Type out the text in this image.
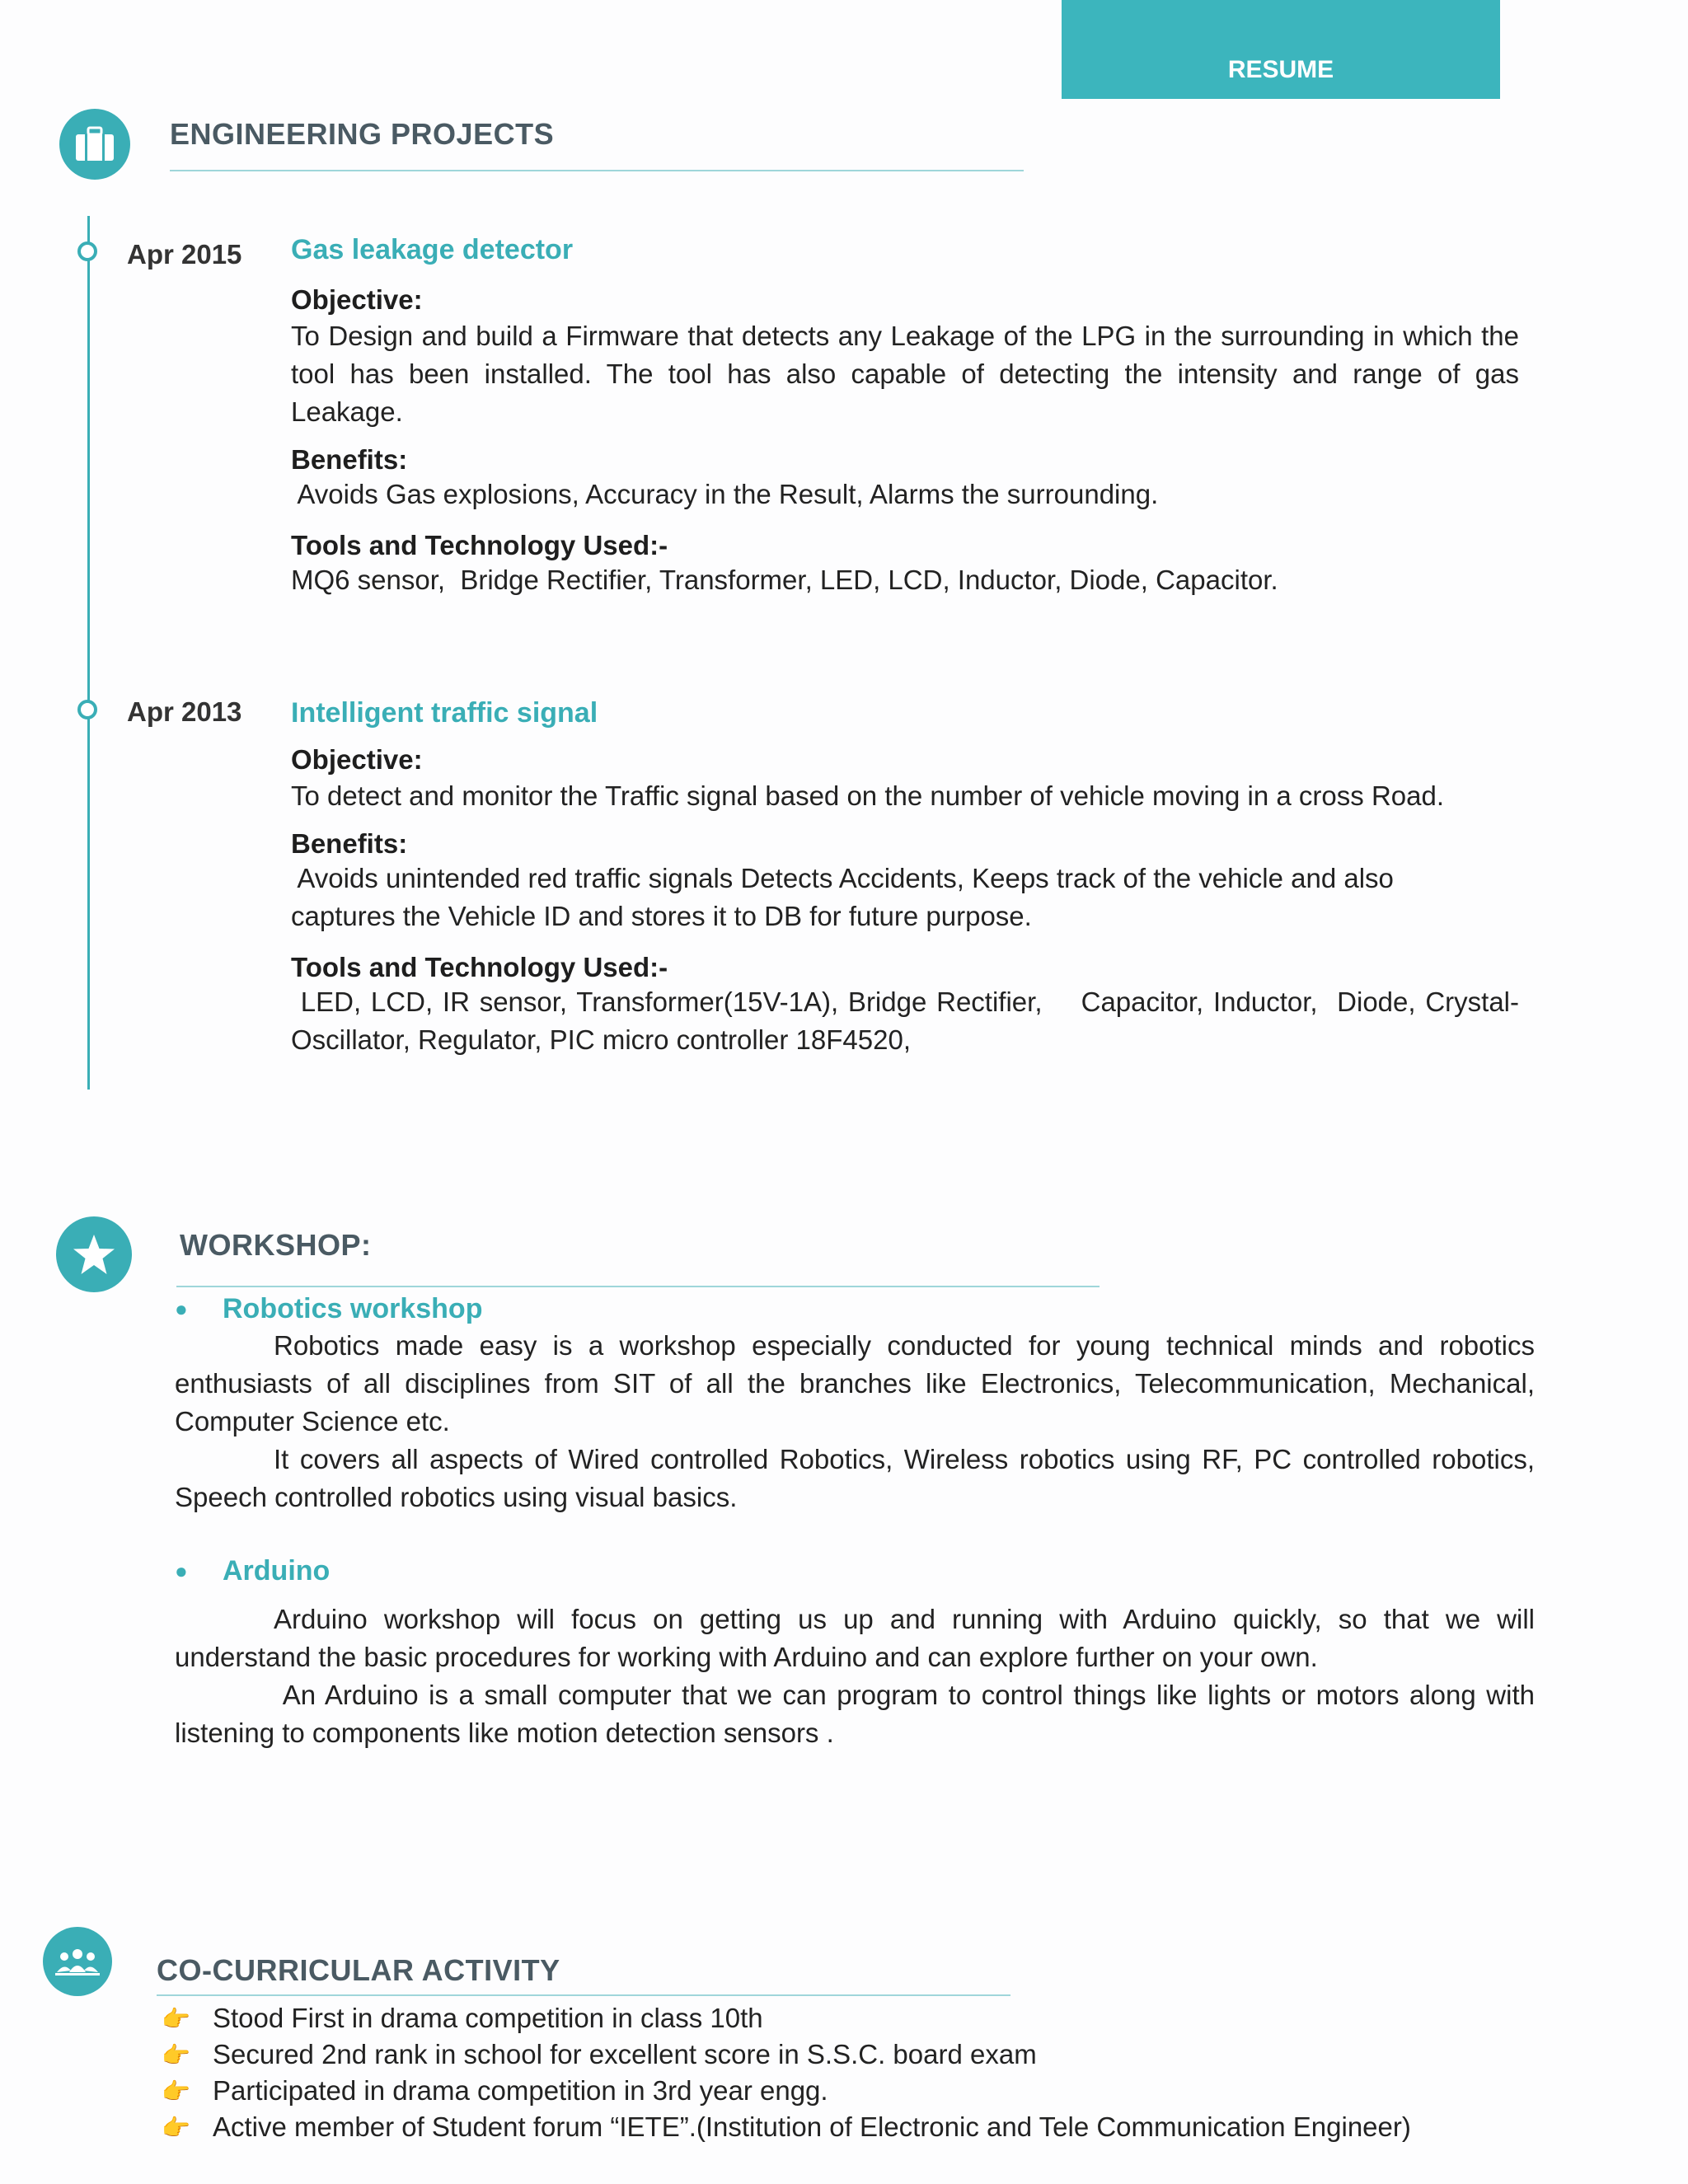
RESUME
ENGINEERING PROJECTS
Apr 2015 Gas leakage detector
Objective:
To Design and build a Firmware that detects any Leakage of the LPG in the surrounding in which the
tool has been installed. The tool has also capable of detecting the intensity and range of gas
Leakage.
Benefits:
Avoids Gas explosions, Accuracy in the Result, Alarms the surrounding.
Tools and Technology Used:-
MQ6 sensor,  Bridge Rectifier, Transformer, LED, LCD, Inductor, Diode, Capacitor.
Apr 2013 Intelligent traffic signal
Objective:
To detect and monitor the Traffic signal based on the number of vehicle moving in a cross Road.
Benefits:
Avoids unintended red traffic signals Detects Accidents, Keeps track of the vehicle and also
captures the Vehicle ID and stores it to DB for future purpose.
Tools and Technology Used:-
LED, LCD, IR sensor, Transformer(15V-1A), Bridge Rectifier,    Capacitor, Inductor,  Diode, Crystal-
Oscillator, Regulator, PIC micro controller 18F4520,
WORKSHOP:
●	Robotics workshop
Robotics made easy is a workshop especially conducted for young technical minds and robotics
enthusiasts of all disciplines from SIT of all the branches like Electronics, Telecommunication, Mechanical,
Computer Science etc.
It covers all aspects of Wired controlled Robotics, Wireless robotics using RF, PC controlled robotics,
Speech controlled robotics using visual basics.
●	Arduino
Arduino workshop will focus on getting us up and running with Arduino quickly, so that we will
understand the basic procedures for working with Arduino and can explore further on your own.
An Arduino is a small computer that we can program to control things like lights or motors along with
listening to components like motion detection sensors .
CO-CURRICULAR ACTIVITY
👉 Stood First in drama competition in class 10th
👉 Secured 2nd rank in school for excellent score in S.S.C. board exam
👉 Participated in drama competition in 3rd year engg.
👉 Active member of Student forum “IETE”.(Institution of Electronic and Tele Communication Engineer)
